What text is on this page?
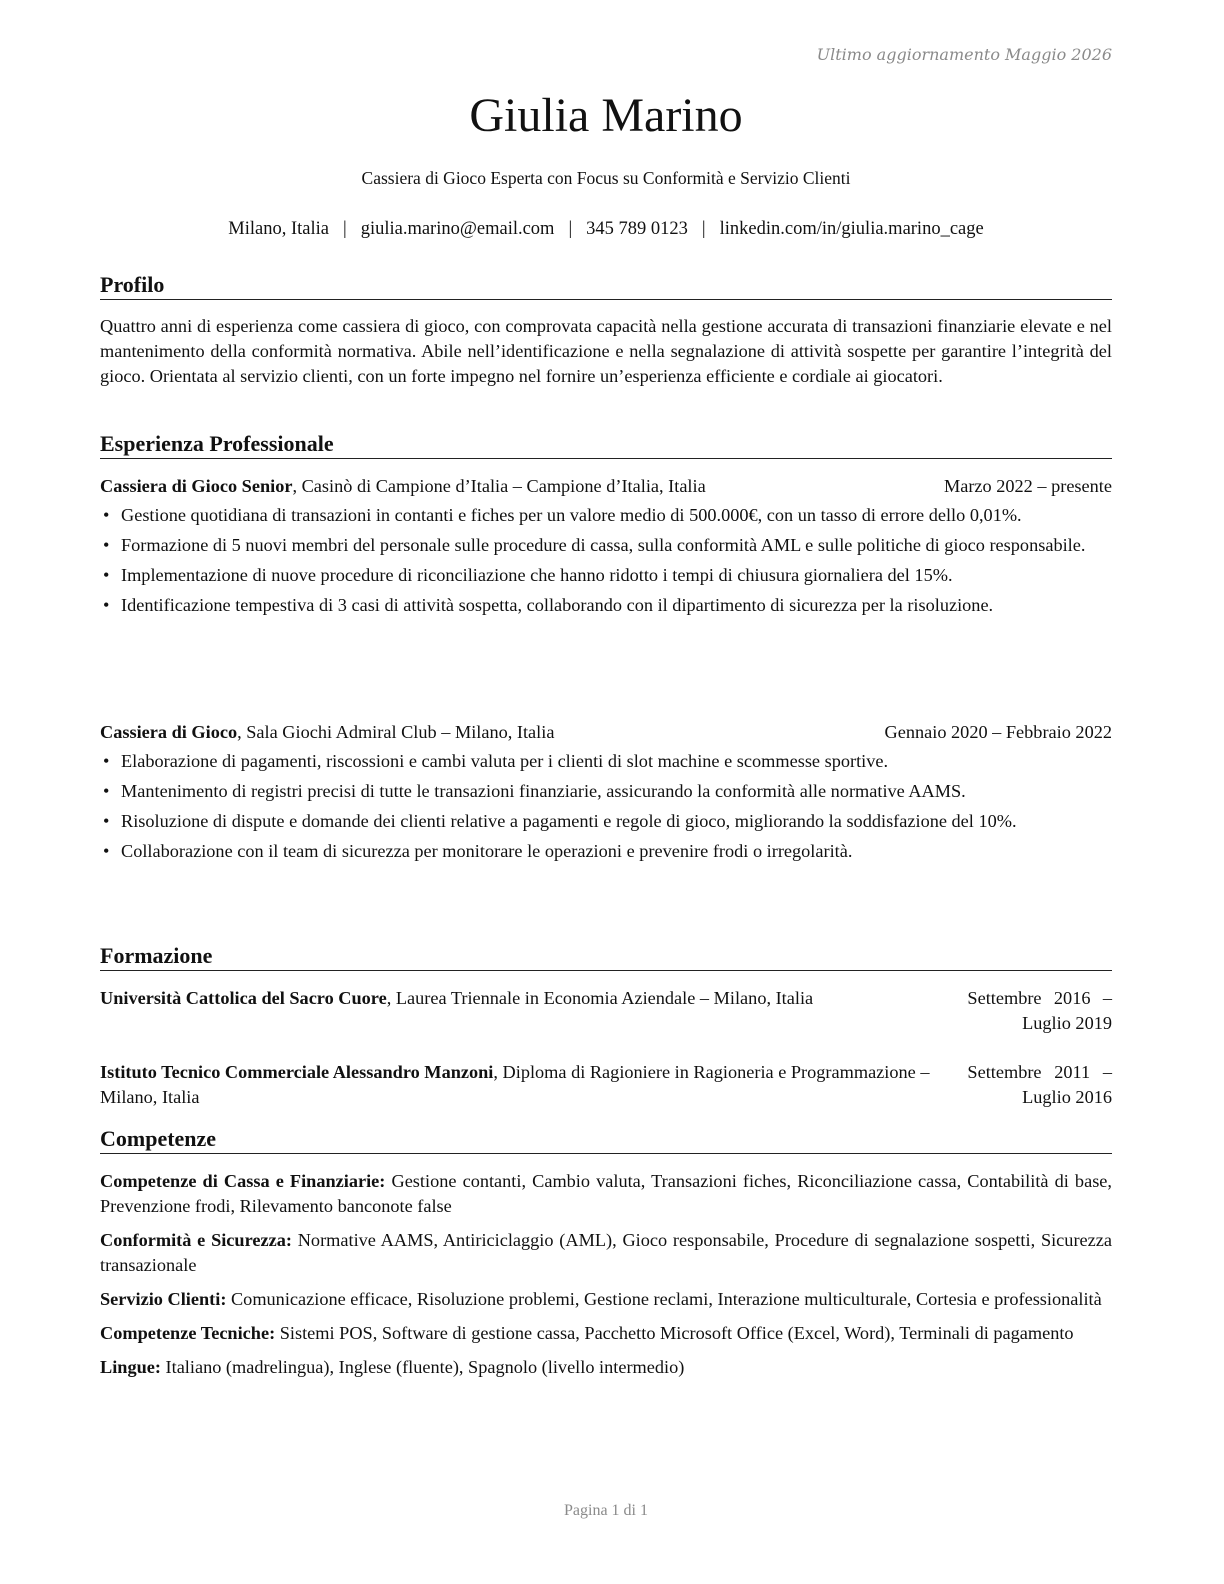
Ultimo aggiornamento Maggio 2026
Giulia Marino
Cassiera di Gioco Esperta con Focus su Conformità e Servizio Clienti
Milano, Italia | giulia.marino@email.com | 345 789 0123 | linkedin.com/in/giulia.marino_cage
Profilo
Quattro anni di esperienza come cassiera di gioco, con comprovata capacità nella gestione accurata di transazioni finanziarie elevate e nel mantenimento della conformità normativa. Abile nell’identificazione e nella segnalazione di attività sospette per garantire l’integrità del gioco. Orientata al servizio clienti, con un forte impegno nel fornire un’esperienza efficiente e cordiale ai giocatori.
Esperienza Professionale
Cassiera di Gioco Senior, Casinò di Campione d’Italia – Campione d’Italia, Italia	Marzo 2022 – presente
• Gestione quotidiana di transazioni in contanti e fiches per un valore medio di 500.000€, con un tasso di errore dello 0,01%.
• Formazione di 5 nuovi membri del personale sulle procedure di cassa, sulla conformità AML e sulle politiche di gioco responsabile.
• Implementazione di nuove procedure di riconciliazione che hanno ridotto i tempi di chiusura giornaliera del 15%.
• Identificazione tempestiva di 3 casi di attività sospetta, collaborando con il dipartimento di sicurezza per la risoluzione.
Cassiera di Gioco, Sala Giochi Admiral Club – Milano, Italia	Gennaio 2020 – Febbraio 2022
• Elaborazione di pagamenti, riscossioni e cambi valuta per i clienti di slot machine e scommesse sportive.
• Mantenimento di registri precisi di tutte le transazioni finanziarie, assicurando la conformità alle normative AAMS.
• Risoluzione di dispute e domande dei clienti relative a pagamenti e regole di gioco, migliorando la soddisfazione del 10%.
• Collaborazione con il team di sicurezza per monitorare le operazioni e prevenire frodi o irregolarità.
Formazione
Università Cattolica del Sacro Cuore, Laurea Triennale in Economia Aziendale – Milano, Italia	Settembre 2016 – Luglio 2019
Istituto Tecnico Commerciale Alessandro Manzoni, Diploma di Ragioniere in Ragioneria e Programmazione – Milano, Italia
Settembre 2011 – Luglio 2016
Competenze
Competenze di Cassa e Finanziarie: Gestione contanti, Cambio valuta, Transazioni fiches, Riconciliazione cassa, Contabilità di base, Prevenzione frodi, Rilevamento banconote false
Conformità e Sicurezza: Normative AAMS, Antiriciclaggio (AML), Gioco responsabile, Procedure di segnalazione sospetti, Sicurezza transazionale
Servizio Clienti: Comunicazione efficace, Risoluzione problemi, Gestione reclami, Interazione multiculturale, Cortesia e professionalità
Competenze Tecniche: Sistemi POS, Software di gestione cassa, Pacchetto Microsoft Office (Excel, Word), Terminali di pagamento
Lingue: Italiano (madrelingua), Inglese (fluente), Spagnolo (livello intermedio)
Pagina 1 di 1
